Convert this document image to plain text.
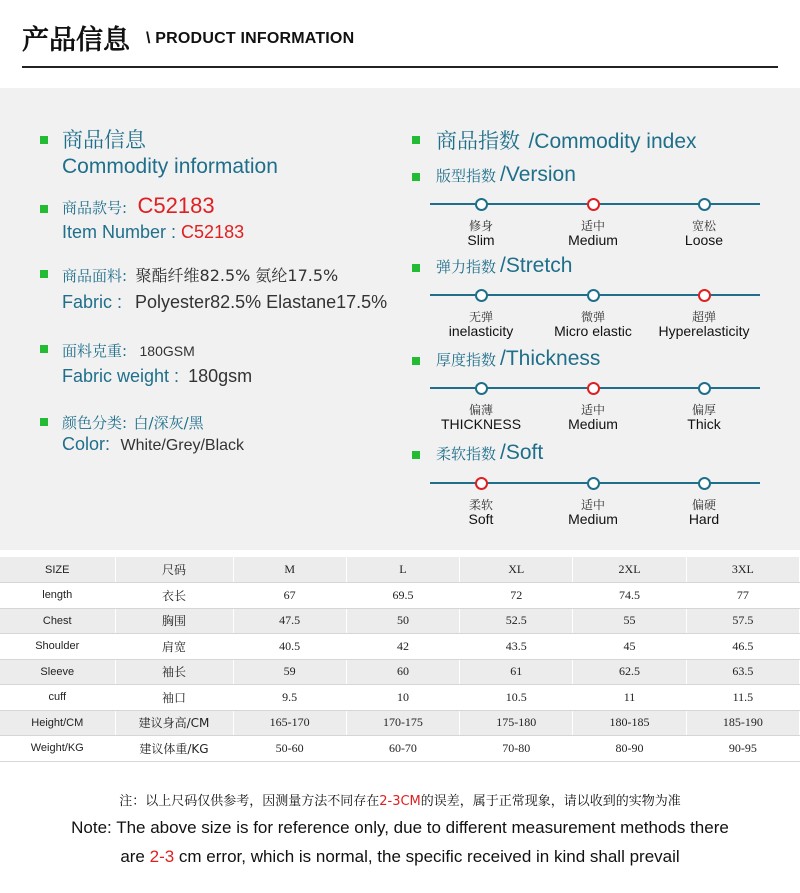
产品信息 \ PRODUCT INFORMATION
商品信息
Commodity information
商品款号: C52183
Item Number : C52183
商品面料: 聚酯纤维82.5% 氨纶17.5%
Fabric : Polyester82.5% Elastane17.5%
面料克重: 180GSM
Fabric weight : 180gsm
颜色分类: 白/深灰/黑
Color: White/Grey/Black
商品指数 /Commodity index
版型指数 /Version
修身
Slim
适中
Medium
宽松
Loose
弹力指数 /Stretch
无弹
inelasticity
微弹
Micro elastic
超弹
Hyperelasticity
厚度指数 /Thickness
偏薄
THICKNESS
适中
Medium
偏厚
Thick
柔软指数 /Soft
柔软
Soft
适中
Medium
偏硬
Hard
SIZE	尺码	M	L	XL	2XL	3XL
length	衣长	67	69.5	72	74.5	77
Chest	胸围	47.5	50	52.5	55	57.5
Shoulder	肩宽	40.5	42	43.5	45	46.5
Sleeve	袖长	59	60	61	62.5	63.5
cuff	袖口	9.5	10	10.5	11	11.5
Height/CM	建议身高/CM	165-170	170-175	175-180	180-185	185-190
Weight/KG	建议体重/KG	50-60	60-70	70-80	80-90	90-95
注：以上尺码仅供参考，因测量方法不同存在2-3CM的误差，属于正常现象，请以收到的实物为准
Note: The above size is for reference only, due to different measurement methods there
are 2-3 cm error, which is normal, the specific received in kind shall prevail
